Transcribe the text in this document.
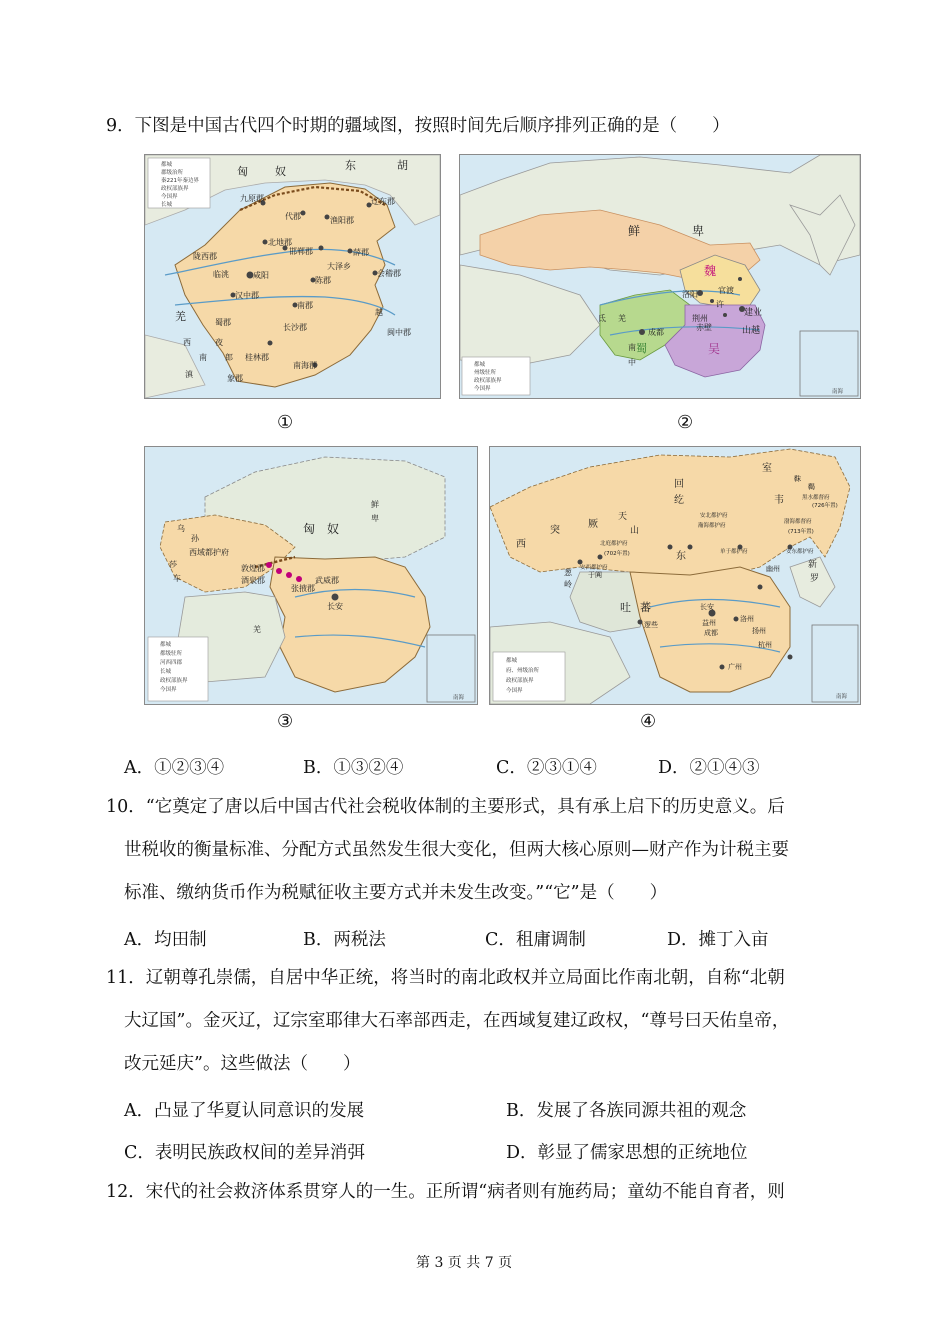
9．下图是中国古代四个时期的疆域图，按照时间先后顺序排列正确的是（　　）
都城
郡级治所
秦221年秦边界
政权部族界
今国界
长城
匈 奴	东	胡
九原郡	辽东郡
代郡	渔阳郡
陇西郡
北地郡
邯郸郡
临洮	咸阳
薛郡
汉中郡
陈郡
会稽郡
蜀郡
南郡
羌
长沙郡
西	夜
南 郎
滇
桂林郡
象郡
南海郡
越
闽中郡
大泽乡
都城
州级驻所
政权部族界
今国界	南海
鲜	卑
魏
洛阳	官渡
许
建业
成都
蜀	吴
荆州
赤壁	山越
氐 羌
南
中
①	②
都城
都级驻所
河西四郡
长城
政权部族界
今国界
南海
匈 奴
鲜
卑
乌
孙
西域都护府
莎
车
敦煌郡
酒泉郡
张掖郡
武威郡
长安
羌
都城
府、州级治所
政权部族界
今国界
南海
室
韦
靺
鞨
黑水都督府
(726年置)
回
纥
渤海都督府
(713年置)
西
突
厥
天
山
安北都护府
瀚海都护府
北庭都护府
(702年置)
安西都护府
单于都护府	安东都护府
新
罗
幽州
东
葱
岭
于阗
吐 蕃
逻些
长安
洛州
扬州
益州
成都
杭州
广州
③	④
A．①②③④	B．①③②④	C．②③①④	D．②①④③
10．“它奠定了唐以后中国古代社会税收体制的主要形式，具有承上启下的历史意义。后
世税收的衡量标准、分配方式虽然发生很大变化，但两大核心原则—财产作为计税主要
标准、缴纳货币作为税赋征收主要方式并未发生改变。”“它”是（　　）
A．均田制	B．两税法	C．租庸调制	D．摊丁入亩
11．辽朝尊孔崇儒，自居中华正统，将当时的南北政权并立局面比作南北朝，自称“北朝
大辽国”。金灭辽，辽宗室耶律大石率部西走，在西域复建辽政权，“尊号曰天佑皇帝，
改元延庆”。这些做法（　　）
A．凸显了华夏认同意识的发展	B．发展了各族同源共祖的观念
C．表明民族政权间的差异消弭	D．彰显了儒家思想的正统地位
12．宋代的社会救济体系贯穿人的一生。正所谓“病者则有施药局；童幼不能自育者，则
第 3 页 共 7 页
